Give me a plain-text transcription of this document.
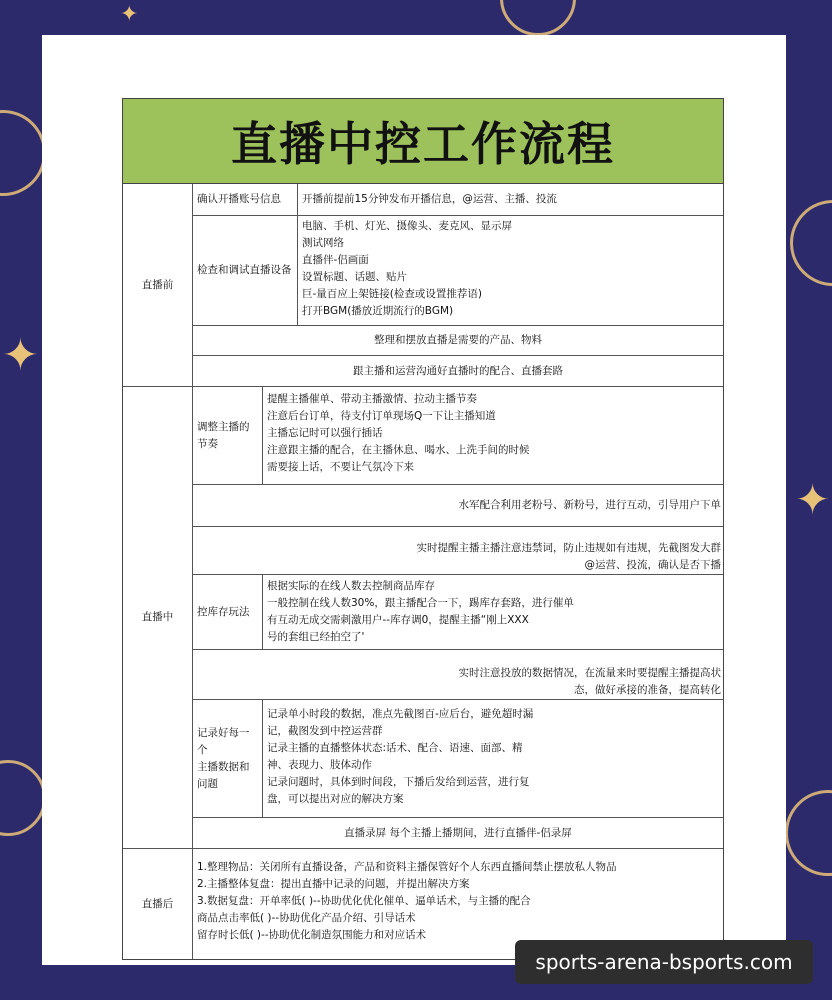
✦
✦
✦
直播中控工作流程
直播前
确认开播账号信息	开播前提前15分钟发布开播信息，@运营、主播、投流
检查和调试直播设备
电脑、手机、灯光、摄像头、麦克风、显示屏
测试网络
直播伴-侣画面
设置标题、话题、贴片
巨-量百应上架链接(检查或设置推荐语)
打开BGM(播放近期流行的BGM)
整理和摆放直播是需要的产品、物料
跟主播和运营沟通好直播时的配合、直播套路
直播中
调整主播的
节奏
提醒主播催单、带动主播激情、拉动主播节奏
注意后台订单，待支付订单现场Q一下让主播知道
主播忘记时可以强行插话
注意跟主播的配合，在主播休息、喝水、上洗手间的时候
需要接上话，不要让气氛冷下来
水军配合利用老粉号、新粉号，进行互动，引导用户下单
实时提醒主播主播注意违禁词，防止违规如有违规，先截图发大群
@运营、投流，确认是否下播
控库存玩法
根据实际的在线人数去控制商品库存
一般控制在线人数30%，跟主播配合一下，踢库存套路，进行催单
有互动无成交需刺激用户--库存调0，提醒主播“刚上XXX
号的套组已经拍空了'
实时注意投放的数据情况，在流量来时要提醒主播提高状
态，做好承接的准备，提高转化
记录好每一
个
主播数据和
问题
记录单小时段的数据，准点先截图百-应后台，避免超时漏
记，截图发到中控运营群
记录主播的直播整体状态:话术、配合、语速、面部、精
神、表现力、肢体动作
记录问题时，具体到时间段，下播后发给到运营，进行复
盘，可以提出对应的解决方案
直播录屏 每个主播上播期间，进行直播伴-侣录屏
直播后
1.整理物品：关闭所有直播设备，产品和资料主播保管好个人东西直播间禁止摆放私人物品
2.主播整体复盘：提出直播中记录的问题，并提出解决方案
3.数据复盘：开单率低( )--协助优化优化催单、逼单话术，与主播的配合
商品点击率低( )--协助优化产品介绍、引导话术
留存时长低( )--协助优化制造氛围能力和对应话术
sports-arena-bsports.com
